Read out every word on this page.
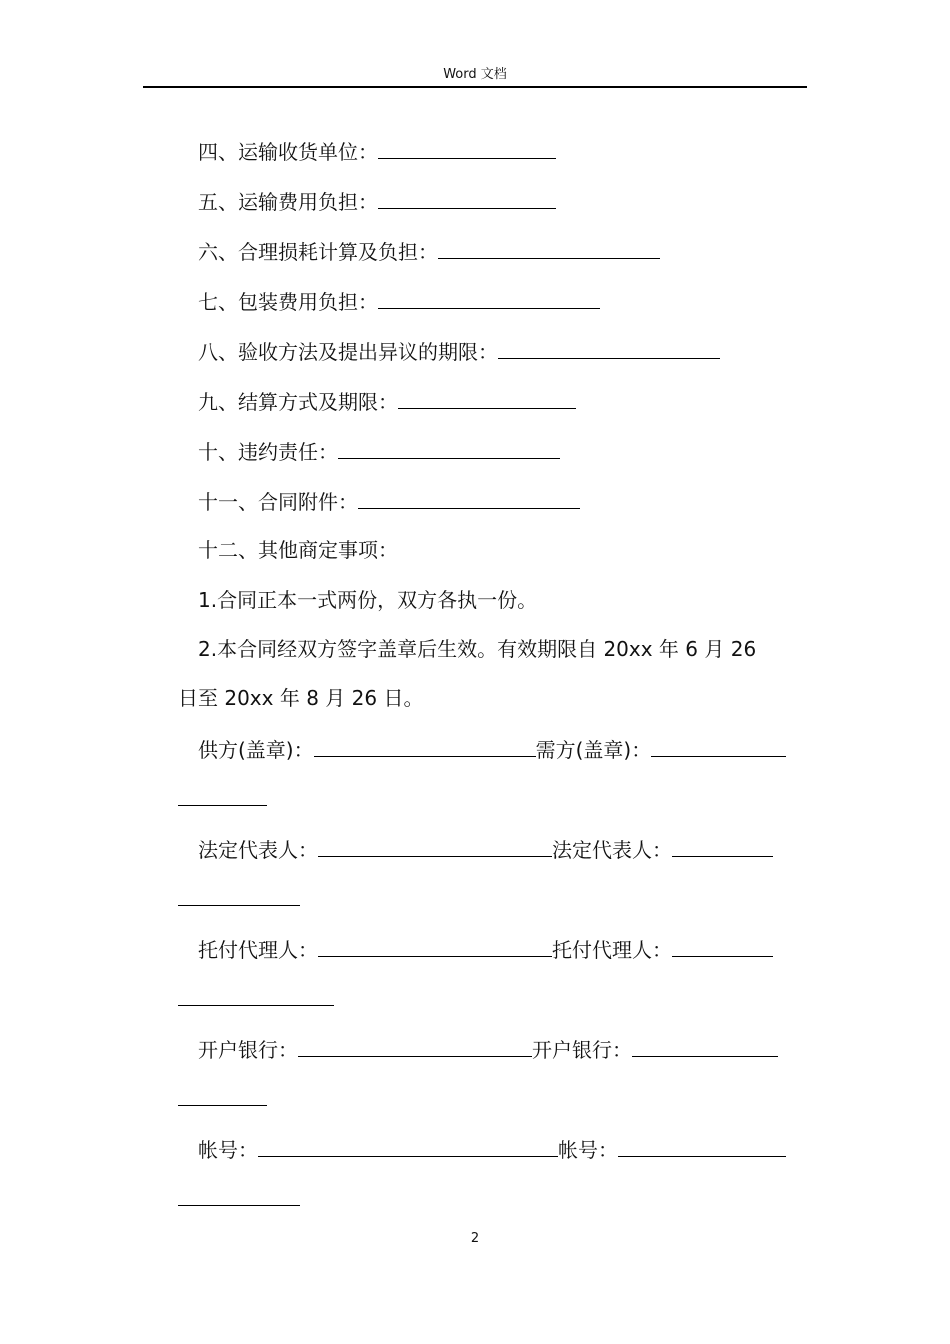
Word 文档
四、运输收货单位：
五、运输费用负担：
六、合理损耗计算及负担：
七、包装费用负担：
八、验收方法及提出异议的期限：
九、结算方式及期限：
十、违约责任：
十一、合同附件：
十二、其他商定事项：
1.合同正本一式两份，双方各执一份。
2.本合同经双方签字盖章后生效。有效期限自 20xx 年 6 月 26
日至 20xx 年 8 月 26 日。
供方(盖章)：	需方(盖章)：
法定代表人：	法定代表人：
托付代理人：	托付代理人：
开户银行：	开户银行：
帐号：	帐号：
2
